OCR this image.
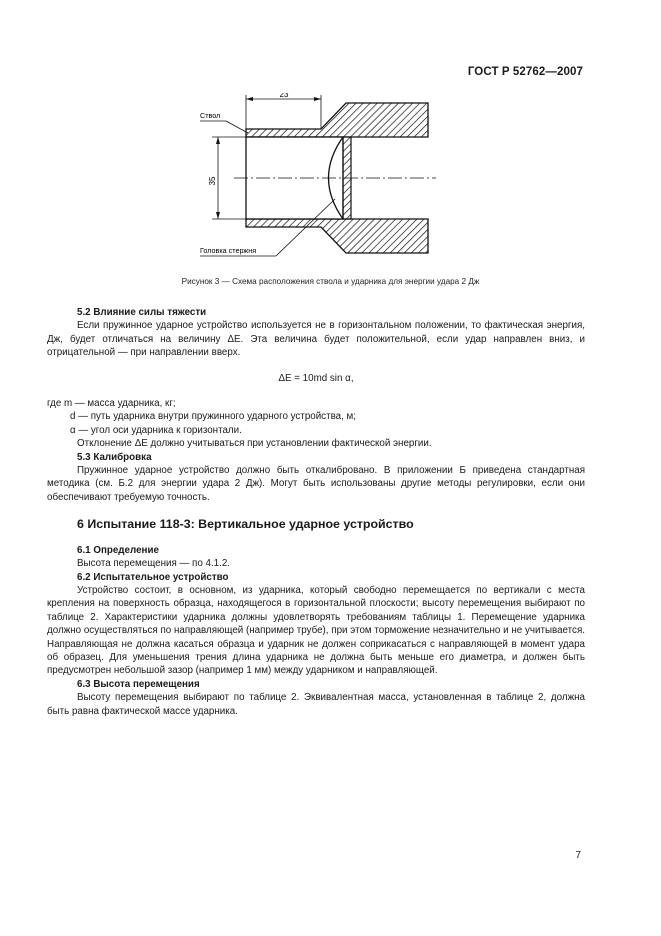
ГОСТ Р 52762—2007
23
35
Ствол
Головка стержня
Рисунок 3 — Схема расположения ствола и ударника для энергии удара 2 Дж

5.2 Влияние силы тяжести

Если пружинное ударное устройство используется не в горизонтальном положении, то фактическая энергия, Дж, будет отличаться на величину ΔE. Эта величина будет положительной, если удар направлен вниз, и отрицательной — при направлении вверх.

ΔE = 10md sin α,

где m — масса ударника, кг;

d — путь ударника внутри пружинного ударного устройства, м;

α — угол оси ударника к горизонтали.

Отклонение ΔE должно учитываться при установлении фактической энергии.

5.3 Калибровка

Пружинное ударное устройство должно быть откалибровано. В приложении Б приведена стандартная методика (см. Б.2 для энергии удара 2 Дж). Могут быть использованы другие методы регулировки, если они обеспечивают требуемую точность.

6 Испытание 118-3: Вертикальное ударное устройство

6.1 Определение

Высота перемещения — по 4.1.2.

6.2 Испытательное устройство

Устройство состоит, в основном, из ударника, который свободно перемещается по вертикали с места крепления на поверхность образца, находящегося в горизонтальной плоскости; высоту перемещения выбирают по таблице 2. Характеристики ударника должны удовлетворять требованиям таблицы 1. Перемещение ударника должно осуществляться по направляющей (например трубе), при этом торможение незначительно и не учитывается. Направляющая не должна касаться образца и ударник не должен соприкасаться с направляющей в момент удара об образец. Для уменьшения трения длина ударника не должна быть меньше его диаметра, и должен быть предусмотрен небольшой зазор (например 1 мм) между ударником и направляющей.

6.3 Высота перемещения

Высоту перемещения выбирают по таблице 2. Эквивалентная масса, установленная в таблице 2, должна быть равна фактической массе ударника.

7
